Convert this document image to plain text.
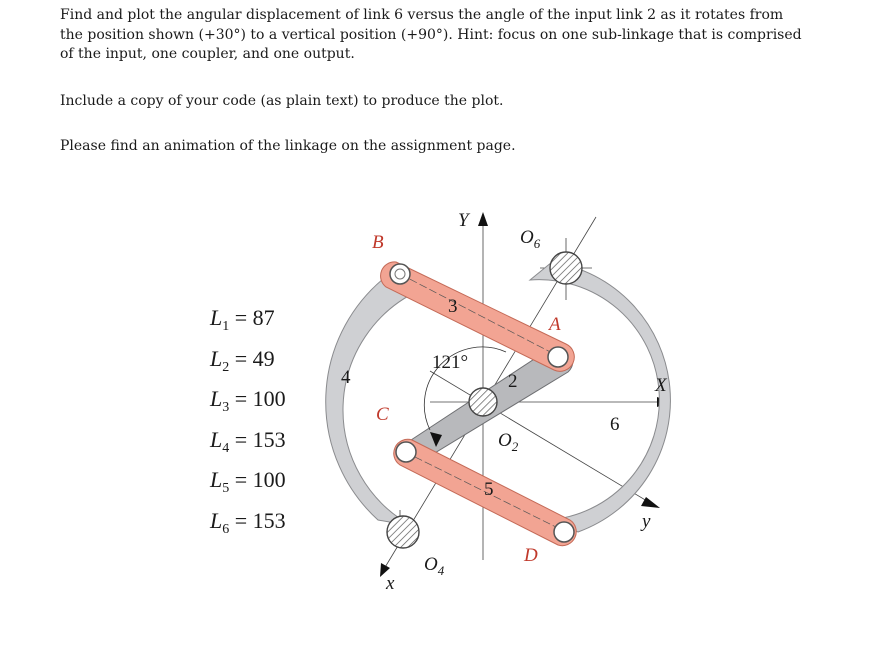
Find and plot the angular displacement of link 6 versus the angle of the input link 2 as it rotates from the position shown (+30°) to a vertical position (+90°). Hint: focus on one sub-linkage that is comprised of the input, one coupler, and one output.

Include a copy of your code (as plain text) to produce the plot.

Please find an animation of the linkage on the assignment page.

$L_1 = 87$
$L_2 = 49$
$L_3 = 100$
$L_4 = 153$
$L_5 = 100$
$L_6 = 153$
B
A
C
D
$O_6$
$O_2$
$O_4$
Y
X
y
x
2
3
4
5
6
121°
